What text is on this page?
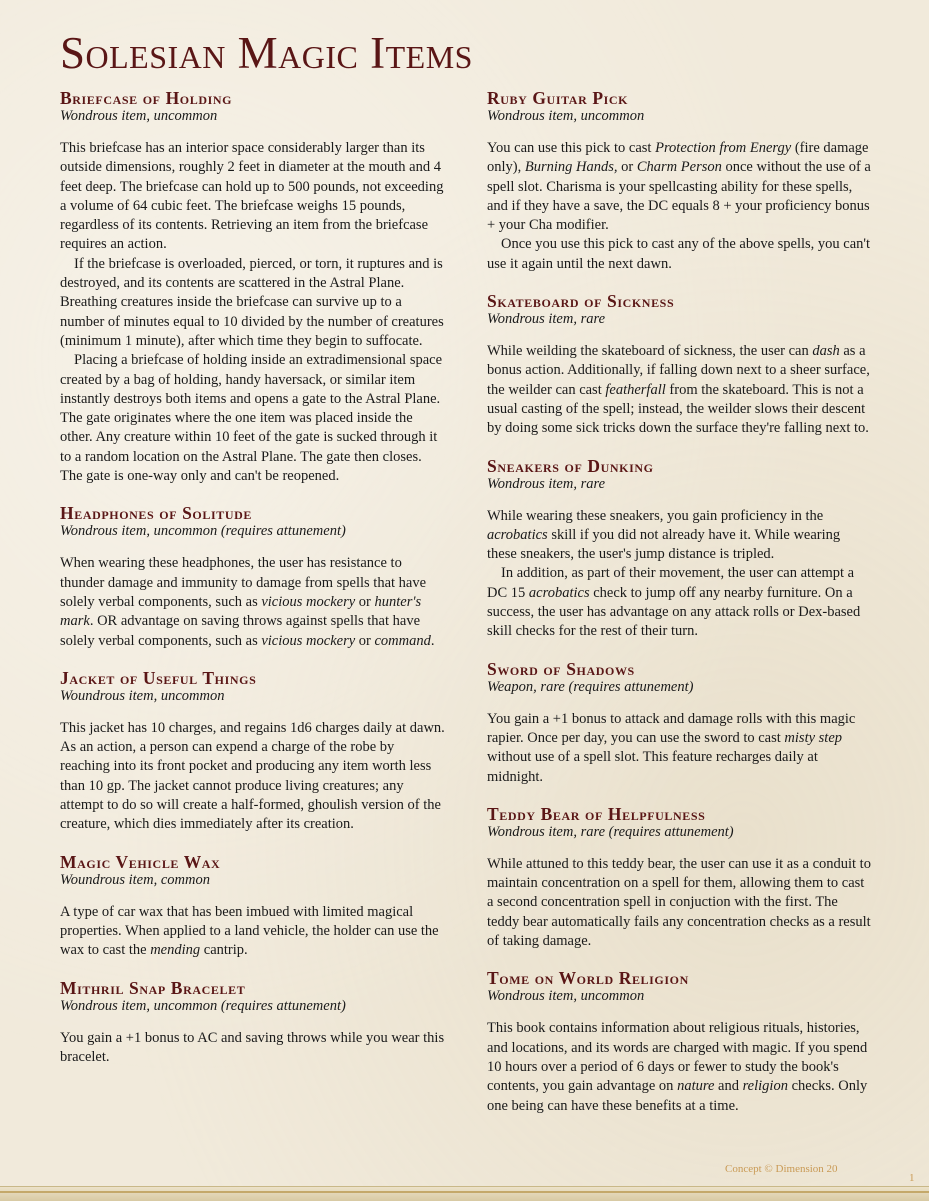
Solesian Magic Items
Briefcase of Holding
Wondrous item, uncommon

This briefcase has an interior space considerably larger than its outside dimensions, roughly 2 feet in diameter at the mouth and 4 feet deep. The briefcase can hold up to 500 pounds, not exceeding a volume of 64 cubic feet. The briefcase weighs 15 pounds, regardless of its contents. Retrieving an item from the briefcase requires an action.

If the briefcase is overloaded, pierced, or torn, it ruptures and is destroyed, and its contents are scattered in the Astral Plane. Breathing creatures inside the briefcase can survive up to a number of minutes equal to 10 divided by the number of creatures (minimum 1 minute), after which time they begin to suffocate.

Placing a briefcase of holding inside an extradimensional space created by a bag of holding, handy haversack, or similar item instantly destroys both items and opens a gate to the Astral Plane. The gate originates where the one item was placed inside the other. Any creature within 10 feet of the gate is sucked through it to a random location on the Astral Plane. The gate then closes. The gate is one-way only and can't be reopened.

Headphones of Solitude
Wondrous item, uncommon (requires attunement)

When wearing these headphones, the user has resistance to thunder damage and immunity to damage from spells that have solely verbal components, such as vicious mockery or hunter's mark. OR advantage on saving throws against spells that have solely verbal components, such as vicious mockery or command.

Jacket of Useful Things
Woundrous item, uncommon

This jacket has 10 charges, and regains 1d6 charges daily at dawn. As an action, a person can expend a charge of the robe by reaching into its front pocket and producing any item worth less than 10 gp. The jacket cannot produce living creatures; any attempt to do so will create a half-formed, ghoulish version of the creature, which dies immediately after its creation.

Magic Vehicle Wax
Woundrous item, common

A type of car wax that has been imbued with limited magical properties. When applied to a land vehicle, the holder can use the wax to cast the mending cantrip.

Mithril Snap Bracelet
Wondrous item, uncommon (requires attunement)

You gain a +1 bonus to AC and saving throws while you wear this bracelet.

Ruby Guitar Pick
Wondrous item, uncommon

You can use this pick to cast Protection from Energy (fire damage only), Burning Hands, or Charm Person once without the use of a spell slot. Charisma is your spellcasting ability for these spells, and if they have a save, the DC equals 8 + your proficiency bonus + your Cha modifier.

Once you use this pick to cast any of the above spells, you can't use it again until the next dawn.

Skateboard of Sickness
Wondrous item, rare

While weilding the skateboard of sickness, the user can dash as a bonus action. Additionally, if falling down next to a sheer surface, the weilder can cast featherfall from the skateboard. This is not a usual casting of the spell; instead, the weilder slows their descent by doing some sick tricks down the surface they're falling next to.

Sneakers of Dunking
Wondrous item, rare

While wearing these sneakers, you gain proficiency in the acrobatics skill if you did not already have it. While wearing these sneakers, the user's jump distance is tripled.

In addition, as part of their movement, the user can attempt a DC 15 acrobatics check to jump off any nearby furniture. On a success, the user has advantage on any attack rolls or Dex-based skill checks for the rest of their turn.

Sword of Shadows
Weapon, rare (requires attunement)

You gain a +1 bonus to attack and damage rolls with this magic rapier. Once per day, you can use the sword to cast misty step without use of a spell slot. This feature recharges daily at midnight.

Teddy Bear of Helpfulness
Wondrous item, rare (requires attunement)

While attuned to this teddy bear, the user can use it as a conduit to maintain concentration on a spell for them, allowing them to cast a second concentration spell in conjuction with the first. The teddy bear automatically fails any concentration checks as a result of taking damage.

Tome on World Religion
Wondrous item, uncommon

This book contains information about religious rituals, histories, and locations, and its words are charged with magic. If you spend 10 hours over a period of 6 days or fewer to study the book's contents, you gain advantage on nature and religion checks. Only one being can have these benefits at a time.

Concept © Dimension 20
1
